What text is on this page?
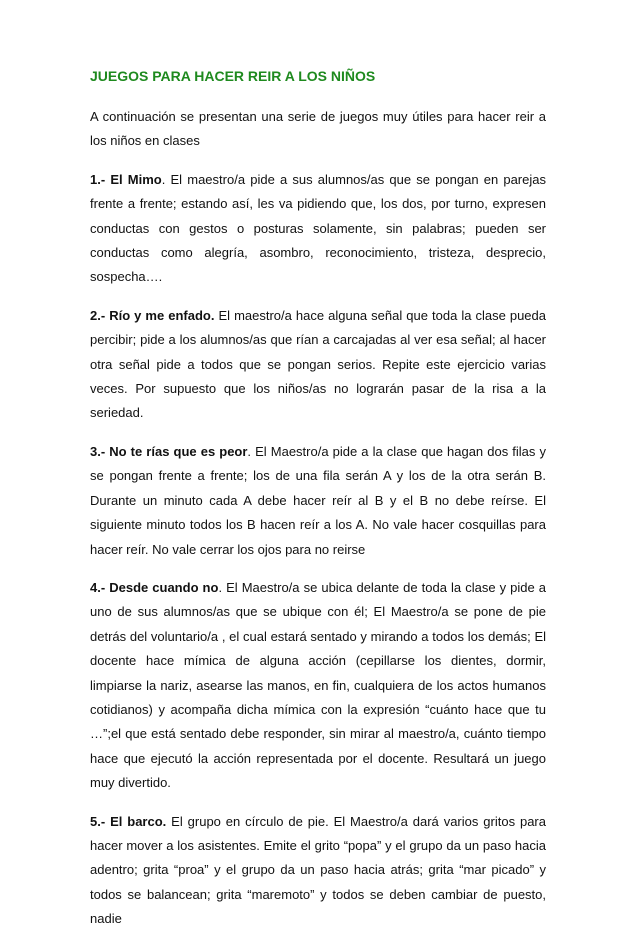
JUEGOS PARA HACER REIR A LOS NIÑOS

A continuación se presentan una serie de juegos muy útiles para hacer reir a los niños en clases

1.- El Mimo. El maestro/a pide a sus alumnos/as que se pongan en parejas frente a frente; estando así, les va pidiendo que, los dos, por turno, expresen conductas con gestos o posturas solamente, sin palabras; pueden ser conductas como alegría, asombro, reconocimiento, tristeza, desprecio, sospecha….

2.- Río y me enfado. El maestro/a hace alguna señal que toda la clase pueda percibir; pide a los alumnos/as que rían a carcajadas al ver esa señal; al hacer otra señal pide a todos que se pongan serios. Repite este ejercicio varias veces. Por supuesto que los niños/as no lograrán pasar de la risa a la seriedad.

3.- No te rías que es peor. El Maestro/a pide a la clase que hagan dos filas y se pongan frente a frente; los de una fila serán A y los de la otra serán B. Durante un minuto cada A debe hacer reír al B y el B no debe reírse. El siguiente minuto todos los B hacen reír a los A. No vale hacer cosquillas para hacer reír. No vale cerrar los ojos para no reirse

4.- Desde cuando no. El Maestro/a se ubica delante de toda la clase y pide a uno de sus alumnos/as que se ubique con él; El Maestro/a se pone de pie detrás del voluntario/a , el cual estará sentado y mirando a todos los demás; El docente hace mímica de alguna acción (cepillarse los dientes, dormir, limpiarse la nariz, asearse las manos, en fin, cualquiera de los actos humanos cotidianos) y acompaña dicha mímica con la expresión “cuánto hace que tu …”;el que está sentado debe responder, sin mirar al maestro/a, cuánto tiempo hace que ejecutó la acción representada por el docente. Resultará un juego muy divertido.

5.- El barco. El grupo en círculo de pie. El Maestro/a dará varios gritos para hacer mover a los asistentes. Emite el grito “popa” y el grupo da un paso hacia adentro; grita “proa” y el grupo da un paso hacia atrás; grita “mar picado” y todos se balancean; grita “maremoto” y todos se deben cambiar de puesto, nadie
